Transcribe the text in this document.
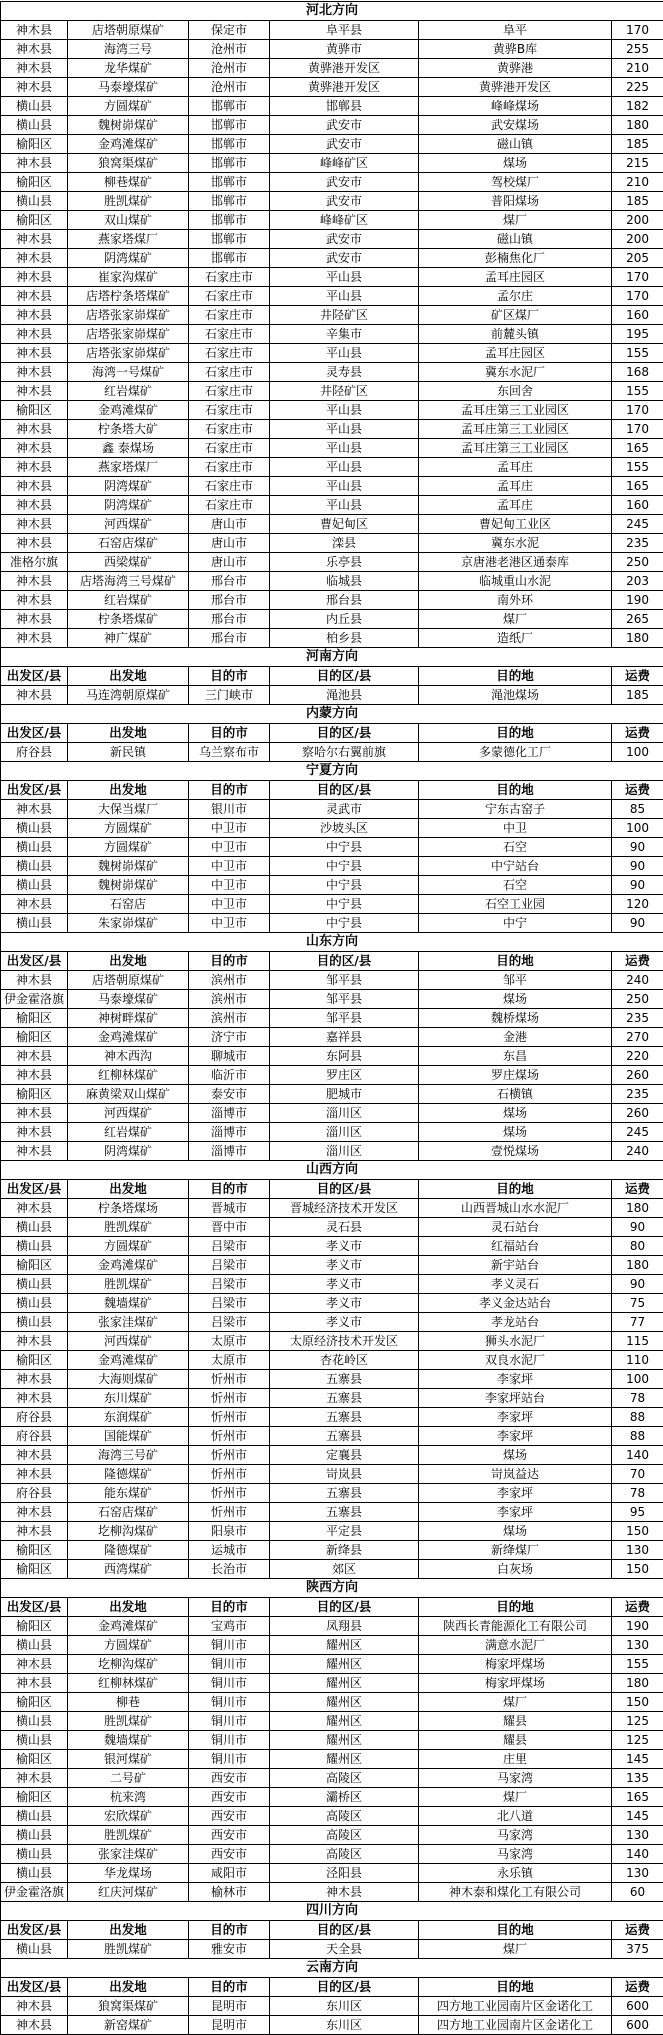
河北方向					
神木县	店塔朝原煤矿	保定市	阜平县	阜平	170
神木县	海湾三号	沧州市	黄骅市	黄骅B库	255
神木县	龙华煤矿	沧州市	黄骅港开发区	黄骅港	210
神木县	马泰壕煤矿	沧州市	黄骅港开发区	黄骅港开发区	225
横山县	方圆煤矿	邯郸市	邯郸县	峰峰煤场	182
横山县	魏树峁煤矿	邯郸市	武安市	武安煤场	180
榆阳区	金鸡滩煤矿	邯郸市	武安市	磁山镇	185
神木县	狼窝渠煤矿	邯郸市	峰峰矿区	煤场	215
榆阳区	柳巷煤矿	邯郸市	武安市	驾校煤厂	210
横山县	胜凯煤矿	邯郸市	武安市	普阳煤场	185
榆阳区	双山煤矿	邯郸市	峰峰矿区	煤厂	200
神木县	燕家塔煤厂	邯郸市	武安市	磁山镇	200
神木县	阴湾煤矿	邯郸市	武安市	彭楠焦化厂	205
神木县	崔家沟煤矿	石家庄市	平山县	孟耳庄园区	170
神木县	店塔柠条塔煤矿	石家庄市	平山县	孟尔庄	170
神木县	店塔张家峁煤矿	石家庄市	井陉矿区	矿区煤厂	160
神木县	店塔张家峁煤矿	石家庄市	辛集市	前麓头镇	195
神木县	店塔张家峁煤矿	石家庄市	平山县	孟耳庄园区	155
神木县	海湾一号煤矿	石家庄市	灵寿县	冀东水泥厂	168
神木县	红岩煤矿	石家庄市	井陉矿区	东回舍	155
榆阳区	金鸡滩煤矿	石家庄市	平山县	孟耳庄第三工业园区	170
神木县	柠条塔大矿	石家庄市	平山县	孟耳庄第三工业园区	170
神木县	鑫 泰煤场	石家庄市	平山县	孟耳庄第三工业园区	165
神木县	燕家塔煤厂	石家庄市	平山县	孟耳庄	155
神木县	阴湾煤矿	石家庄市	平山县	孟耳庄	165
神木县	阴湾煤矿	石家庄市	平山县	孟耳庄	160
神木县	河西煤矿	唐山市	曹妃甸区	曹妃甸工业区	245
神木县	石窑店煤矿	唐山市	滦县	冀东水泥	235
准格尔旗	西梁煤矿	唐山市	乐亭县	京唐港老港区通泰库	250
神木县	店塔海湾三号煤矿	邢台市	临城县	临城重山水泥	203
神木县	红岩煤矿	邢台市	邢台县	南外环	190
神木县	柠条塔煤矿	邢台市	内丘县	煤厂	265
神木县	神广煤矿	邢台市	柏乡县	造纸厂	180
河南方向					
出发区/县	出发地	目的市	目的区/县	目的地	运费
神木县	马连湾朝原煤矿	三门峡市	渑池县	渑池煤场	185
内蒙方向					
出发区/县	出发地	目的市	目的区/县	目的地	运费
府谷县	新民镇	乌兰察布市	察哈尔右翼前旗	多蒙德化工厂	100
宁夏方向					
出发区/县	出发地	目的市	目的区/县	目的地	运费
神木县	大保当煤厂	银川市	灵武市	宁东古窑子	85
横山县	方圆煤矿	中卫市	沙坡头区	中卫	100
横山县	方圆煤矿	中卫市	中宁县	石空	90
横山县	魏树峁煤矿	中卫市	中宁县	中宁站台	90
横山县	魏树峁煤矿	中卫市	中宁县	石空	90
神木县	石窑店	中卫市	中宁县	石空工业园	120
横山县	朱家峁煤矿	中卫市	中宁县	中宁	90
山东方向					
出发区/县	出发地	目的市	目的区/县	目的地	运费
神木县	店塔朝原煤矿	滨州市	邹平县	邹平	240
伊金霍洛旗	马泰壕煤矿	滨州市	邹平县	煤场	250
榆阳区	神树畔煤矿	滨州市	邹平县	魏桥煤场	235
榆阳区	金鸡滩煤矿	济宁市	嘉祥县	金港	270
神木县	神木西沟	聊城市	东阿县	东昌	220
神木县	红柳林煤矿	临沂市	罗庄区	罗庄煤场	260
榆阳区	麻黄梁双山煤矿	泰安市	肥城市	石横镇	235
神木县	河西煤矿	淄博市	淄川区	煤场	260
神木县	红岩煤矿	淄博市	淄川区	煤场	245
神木县	阴湾煤矿	淄博市	淄川区	壹悦煤场	240
山西方向					
出发区/县	出发地	目的市	目的区/县	目的地	运费
神木县	柠条塔煤场	晋城市	晋城经济技术开发区	山西晋城山水水泥厂	180
横山县	胜凯煤矿	晋中市	灵石县	灵石站台	90
横山县	方圆煤矿	吕梁市	孝义市	红福站台	80
榆阳区	金鸡滩煤矿	吕梁市	孝义市	新宇站台	180
横山县	胜凯煤矿	吕梁市	孝义市	孝义灵石	90
横山县	魏墙煤矿	吕梁市	孝义市	孝义金达站台	75
横山县	张家洼煤矿	吕梁市	孝义市	孝龙站台	77
神木县	河西煤矿	太原市	太原经济技术开发区	狮头水泥厂	115
榆阳区	金鸡滩煤矿	太原市	杏花岭区	双良水泥厂	110
神木县	大海则煤矿	忻州市	五寨县	李家坪	100
神木县	东川煤矿	忻州市	五寨县	李家坪站台	78
府谷县	东润煤矿	忻州市	五寨县	李家坪	88
府谷县	国能煤矿	忻州市	五寨县	李家坪	88
神木县	海湾三号矿	忻州市	定襄县	煤场	140
神木县	隆德煤矿	忻州市	岢岚县	岢岚益达	70
府谷县	能东煤矿	忻州市	五寨县	李家坪	78
神木县	石窑店煤矿	忻州市	五寨县	李家坪	95
神木县	圪柳沟煤矿	阳泉市	平定县	煤场	150
榆阳区	隆德煤矿	运城市	新绛县	新绛煤厂	130
榆阳区	西湾煤矿	长治市	郊区	白灰场	150
陕西方向					
出发区/县	出发地	目的市	目的区/县	目的地	运费
榆阳区	金鸡滩煤矿	宝鸡市	凤翔县	陕西长青能源化工有限公司	190
横山县	方圆煤矿	铜川市	耀州区	满意水泥厂	130
神木县	圪柳沟煤矿	铜川市	耀州区	梅家坪煤场	155
神木县	红柳林煤矿	铜川市	耀州区	梅家坪煤场	180
榆阳区	柳巷	铜川市	耀州区	煤厂	150
横山县	胜凯煤矿	铜川市	耀州区	耀县	125
横山县	魏墙煤矿	铜川市	耀州区	耀县	125
榆阳区	银河煤矿	铜川市	耀州区	庄里	145
神木县	二号矿	西安市	高陵区	马家湾	135
榆阳区	杭来湾	西安市	灞桥区	煤厂	165
横山县	宏欣煤矿	西安市	高陵区	北八道	145
横山县	胜凯煤矿	西安市	高陵区	马家湾	130
横山县	张家洼煤矿	西安市	高陵区	马家湾	140
横山县	华龙煤场	咸阳市	泾阳县	永乐镇	130
伊金霍洛旗	红庆河煤矿	榆林市	神木县	神木泰和煤化工有限公司	60
四川方向					
出发区/县	出发地	目的市	目的区/县	目的地	运费
横山县	胜凯煤矿	雅安市	天全县	煤厂	375
云南方向					
出发区/县	出发地	目的市	目的区/县	目的地	运费
神木县	狼窝渠煤矿	昆明市	东川区	四方地工业园南片区金诺化工	600
神木县	新窑煤矿	昆明市	东川区	四方地工业园南片区金诺化工	600
